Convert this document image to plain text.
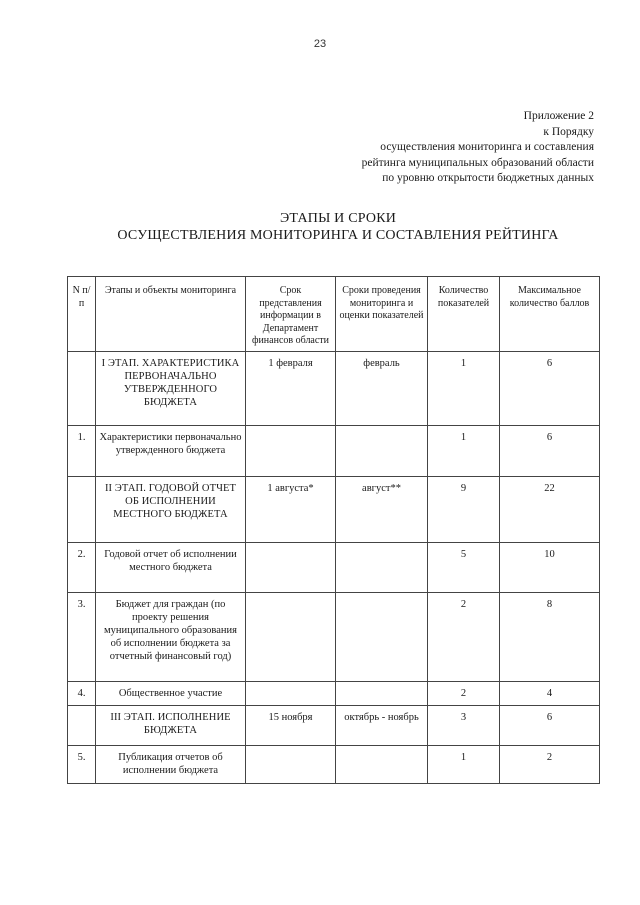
23
Приложение 2
к Порядку
осуществления мониторинга и составления
рейтинга муниципальных образований области
по уровню открытости бюджетных данных
ЭТАПЫ И СРОКИ
ОСУЩЕСТВЛЕНИЯ МОНИТОРИНГА И СОСТАВЛЕНИЯ РЕЙТИНГА
N п/п	Этапы и объекты мониторинга	Срок представления информации в Департамент финансов области	Сроки проведения мониторинга и оценки показателей	Количество показателей	Максимальное количество баллов
	I ЭТАП. ХАРАКТЕРИСТИКА ПЕРВОНАЧАЛЬНО УТВЕРЖДЕННОГО БЮДЖЕТА	1 февраля	февраль	1	6
1.	Характеристики первоначально утвержденного бюджета			1	6
	II ЭТАП. ГОДОВОЙ ОТЧЕТ ОБ ИСПОЛНЕНИИ МЕСТНОГО БЮДЖЕТА	1 августа*	август**	9	22
2.	Годовой отчет об исполнении местного бюджета			5	10
3.	Бюджет для граждан (по проекту решения муниципального образования об исполнении бюджета за отчетный финансовый год)			2	8
4.	Общественное участие			2	4
	III ЭТАП. ИСПОЛНЕНИЕ БЮДЖЕТА	15 ноября	октябрь - ноябрь	3	6
5.	Публикация отчетов об исполнении бюджета			1	2
